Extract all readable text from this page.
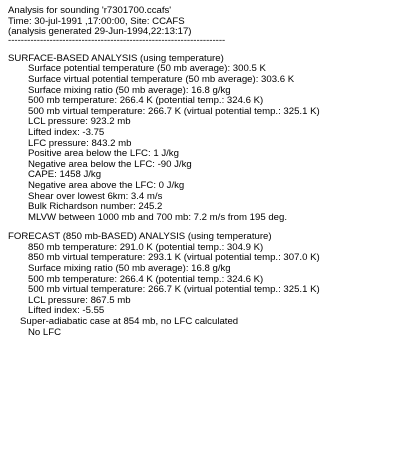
Analysis for sounding 'r7301700.ccafs'
Time: 30-jul-1991 ,17:00:00, Site: CCAFS
(analysis generated 29-Jun-1994,22:13:17)
--------------------------------------------------------------------
SURFACE-BASED ANALYSIS (using temperature)
Surface potential temperature (50 mb average): 300.5 K
Surface virtual potential temperature (50 mb average): 303.6 K
Surface mixing ratio (50 mb average): 16.8 g/kg
500 mb temperature: 266.4 K (potential temp.: 324.6 K)
500 mb virtual temperature: 266.7 K (virtual potential temp.: 325.1 K)
LCL pressure: 923.2 mb
Lifted index: -3.75
LFC pressure: 843.2 mb
Positive area below the LFC: 1 J/kg
Negative area below the LFC: -90 J/kg
CAPE: 1458 J/kg
Negative area above the LFC: 0 J/kg
Shear over lowest 6km: 3.4 m/s
Bulk Richardson number: 245.2
MLVW between 1000 mb and 700 mb: 7.2 m/s from 195 deg.
FORECAST (850 mb-BASED) ANALYSIS (using temperature)
850 mb temperature: 291.0 K (potential temp.: 304.9 K)
850 mb virtual temperature: 293.1 K (virtual potential temp.: 307.0 K)
Surface mixing ratio (50 mb average): 16.8 g/kg
500 mb temperature: 266.4 K (potential temp.: 324.6 K)
500 mb virtual temperature: 266.7 K (virtual potential temp.: 325.1 K)
LCL pressure: 867.5 mb
Lifted index: -5.55
Super-adiabatic case at 854 mb, no LFC calculated
No LFC
